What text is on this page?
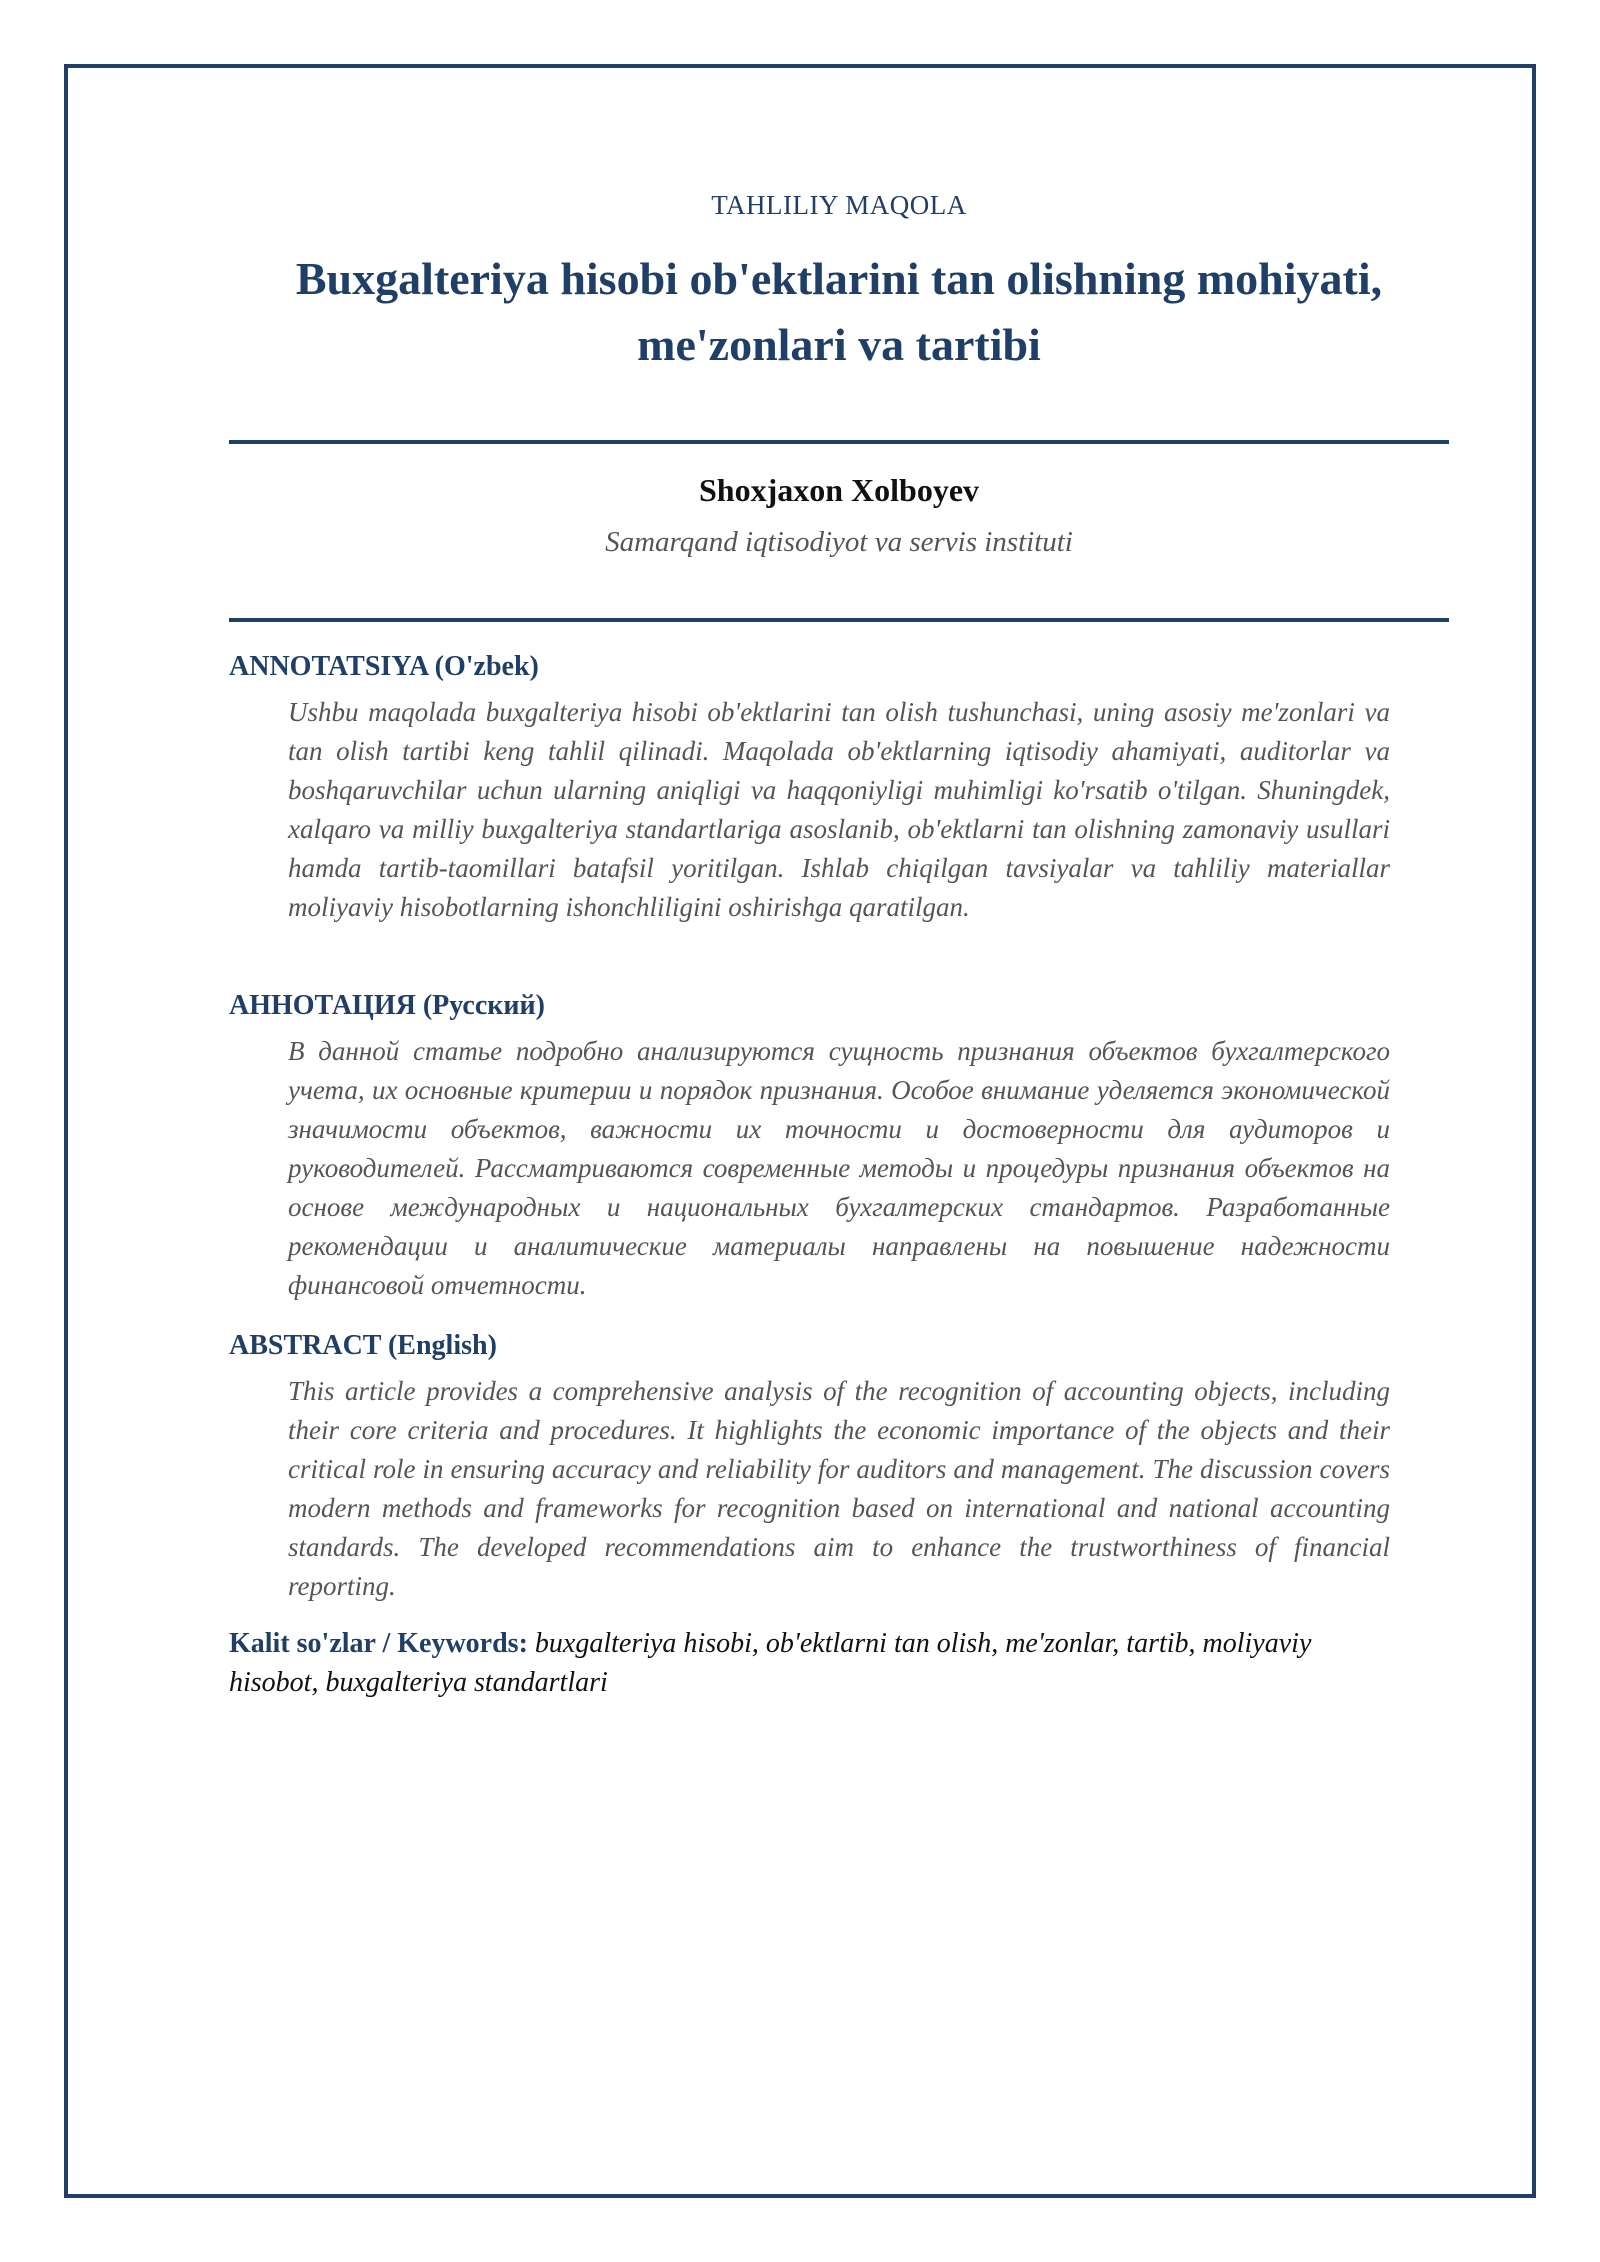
TAHLILIY MAQOLA
Buxgalteriya hisobi ob'ektlarini tan olishning mohiyati, me'zonlari va tartibi
Shoxjaxon Xolboyev
Samarqand iqtisodiyot va servis instituti
ANNOTATSIYA (O'zbek)

Ushbu maqolada buxgalteriya hisobi ob'ektlarini tan olish tushunchasi, uning asosiy me'zonlari va tan olish tartibi keng tahlil qilinadi. Maqolada ob'ektlarning iqtisodiy ahamiyati, auditorlar va boshqaruvchilar uchun ularning aniqligi va haqqoniyligi muhimligi ko'rsatib o'tilgan. Shuningdek, xalqaro va milliy buxgalteriya standartlariga asoslanib, ob'ektlarni tan olishning zamonaviy usullari hamda tartib-taomillari batafsil yoritilgan. Ishlab chiqilgan tavsiyalar va tahliliy materiallar moliyaviy hisobotlarning ishonchliligini oshirishga qaratilgan.

АННОТАЦИЯ (Русский)

В данной статье подробно анализируются сущность признания объектов бухгалтерского учета, их основные критерии и порядок признания. Особое внимание уделяется экономической значимости объектов, важности их точности и достоверности для аудиторов и руководителей. Рассматриваются современные методы и процедуры признания объектов на основе международных и национальных бухгалтерских стандартов. Разработанные рекомендации и аналитические материалы направлены на повышение надежности финансовой отчетности.

ABSTRACT (English)

This article provides a comprehensive analysis of the recognition of accounting objects, including their core criteria and procedures. It highlights the economic importance of the objects and their critical role in ensuring accuracy and reliability for auditors and management. The discussion covers modern methods and frameworks for recognition based on international and national accounting standards. The developed recommendations aim to enhance the trustworthiness of financial reporting.

Kalit so'zlar / Keywords: buxgalteriya hisobi, ob'ektlarni tan olish, me'zonlar, tartib, moliyaviy hisobot, buxgalteriya standartlari
